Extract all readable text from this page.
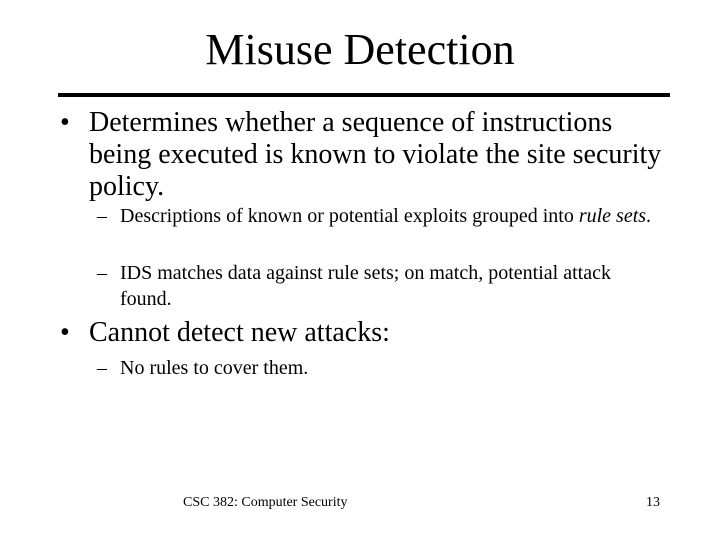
Misuse Detection
• Determines whether a sequence of instructions being executed is known to violate the site security policy.
– Descriptions of known or potential exploits grouped into rule sets.
– IDS matches data against rule sets; on match, potential attack found.
• Cannot detect new attacks:
– No rules to cover them.
CSC 382: Computer Security	13
